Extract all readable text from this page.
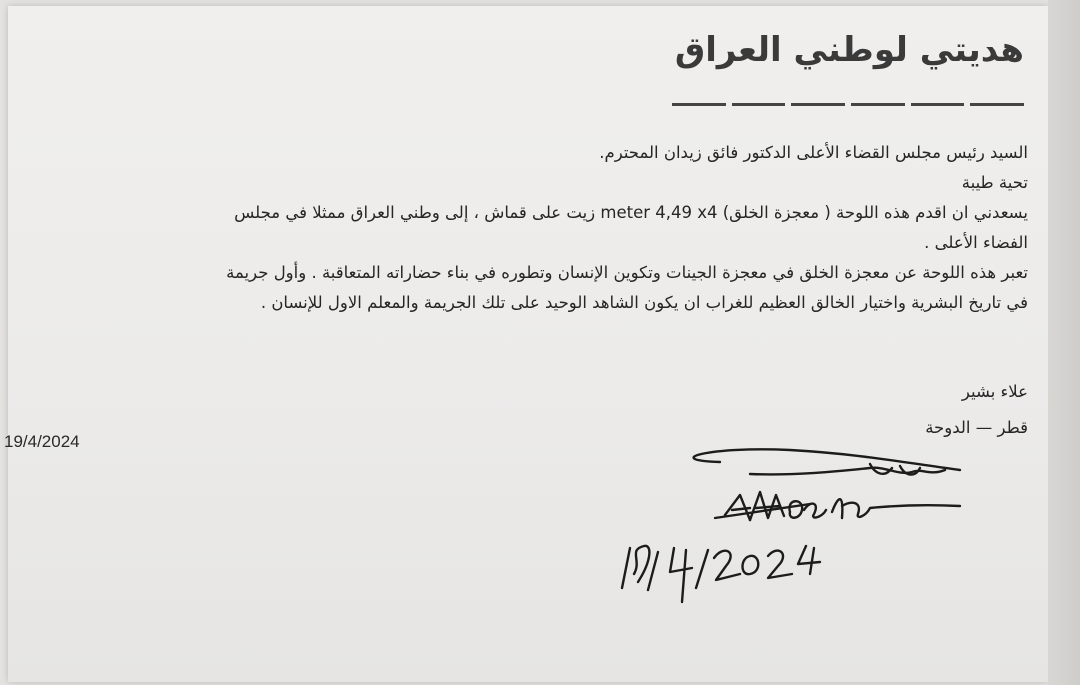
هديتي لوطني العراق
السيد رئيس مجلس القضاء الأعلى الدكتور فائق زيدان المحترم.
تحية طيبة
يسعدني ان اقدم هذه اللوحة ( معجزة الخلق) meter 4,49 x4 زيت على قماش ، إلى وطني العراق ممثلا في مجلس
الفضاء الأعلى .
تعبر هذه اللوحة عن معجزة الخلق في معجزة الجينات وتكوين الإنسان وتطوره في بناء حضاراته المتعاقبة . وأول جريمة
في تاريخ البشرية واختيار الخالق العظيم للغراب ان يكون الشاهد الوحيد على تلك الجريمة والمعلم الاول للإنسان .
علاء بشير
قطر — الدوحة
19/4/2024
